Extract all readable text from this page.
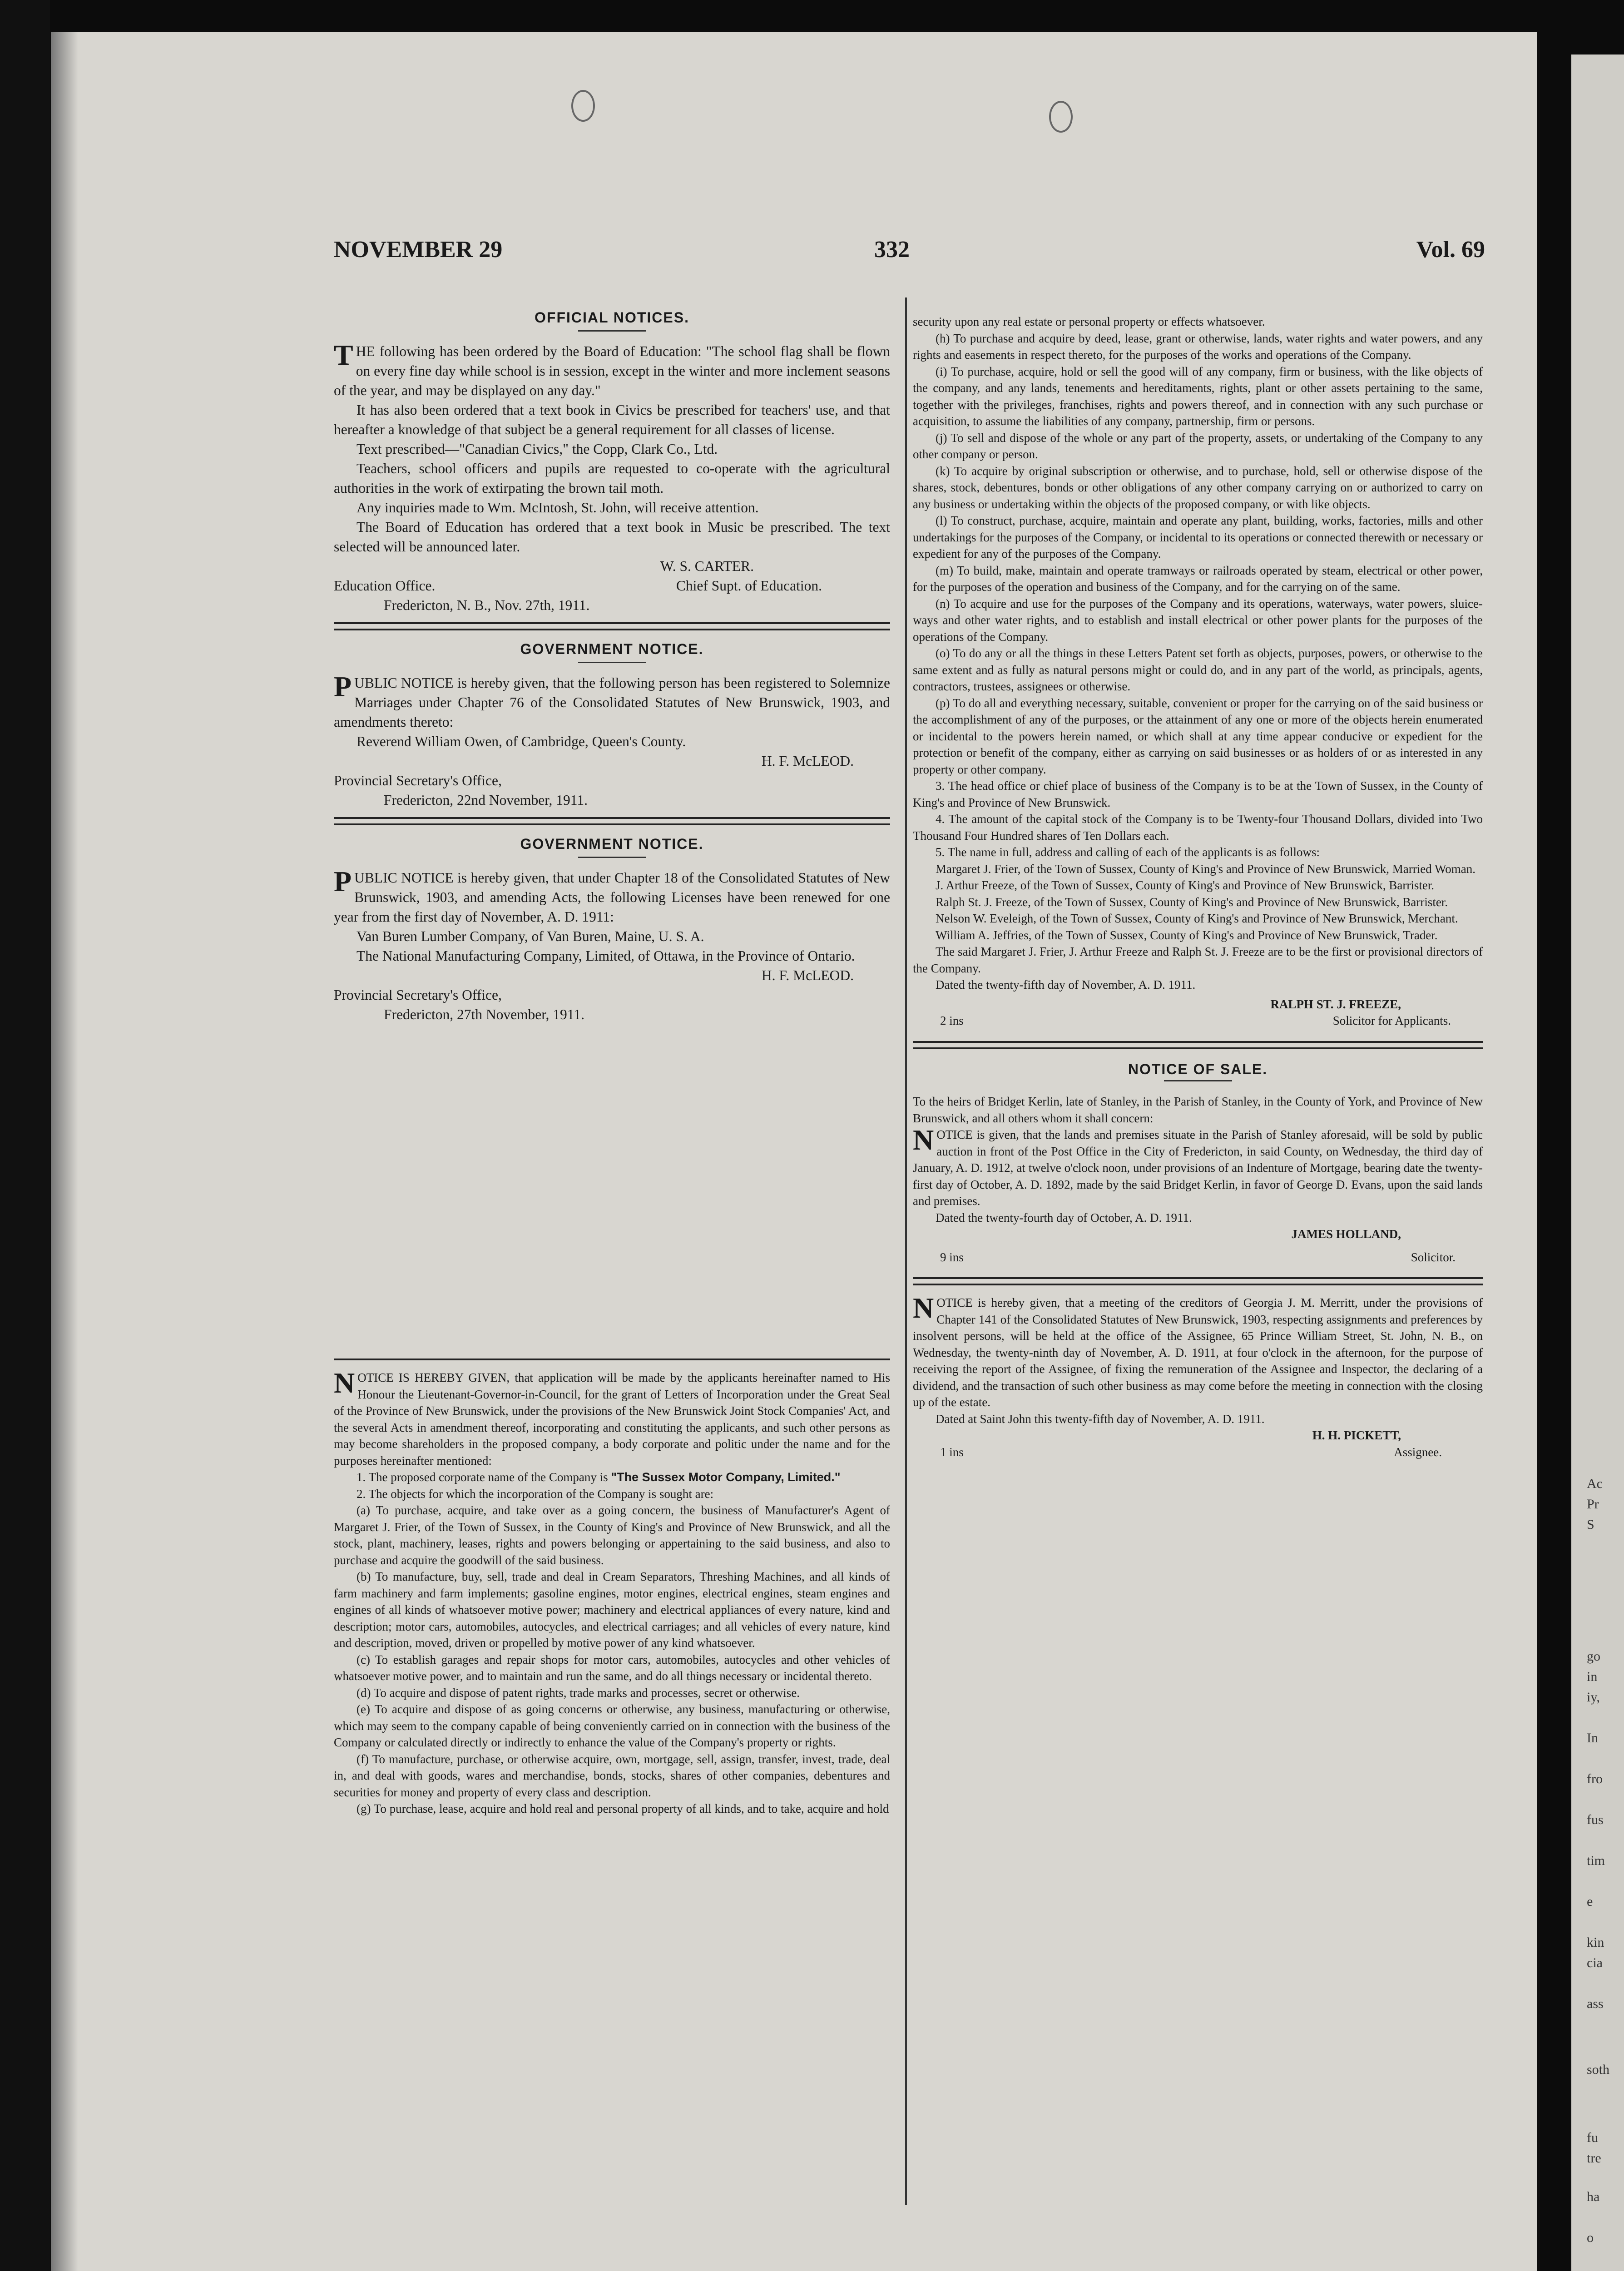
Ac
Pr
S
go
in
iy,
In
fro
fus
tim
e
kin
cia
ass
soth
fu
tre
ha
o
NOVEMBER 29	332	Vol. 69
OFFICIAL NOTICES.

THE following has been ordered by the Board of Education: "The school flag shall be flown on every fine day while school is in session, except in the winter and more inclement seasons of the year, and may be displayed on any day."

It has also been ordered that a text book in Civics be prescribed for teachers' use, and that hereafter a knowledge of that subject be a general requirement for all classes of license.

Text prescribed—"Canadian Civics," the Copp, Clark Co., Ltd.

Teachers, school officers and pupils are requested to co-operate with the agricultural authorities in the work of extirpating the brown tail moth.

Any inquiries made to Wm. McIntosh, St. John, will receive attention.

The Board of Education has ordered that a text book in Music be prescribed. The text selected will be announced later.

W. S. CARTER.
Education Office.	Chief Supt. of Education.
Fredericton, N. B., Nov. 27th, 1911.
GOVERNMENT NOTICE.

PUBLIC NOTICE is hereby given, that the following person has been registered to Solemnize Marriages under Chapter 76 of the Consolidated Statutes of New Brunswick, 1903, and amendments thereto:

Reverend William Owen, of Cambridge, Queen's County.

H. F. McLEOD.
Provincial Secretary's Office,
Fredericton, 22nd November, 1911.
GOVERNMENT NOTICE.

PUBLIC NOTICE is hereby given, that under Chapter 18 of the Consolidated Statutes of New Brunswick, 1903, and amending Acts, the following Licenses have been renewed for one year from the first day of November, A. D. 1911:

Van Buren Lumber Company, of Van Buren, Maine, U. S. A.

The National Manufacturing Company, Limited, of Ottawa, in the Province of Ontario.

H. F. McLEOD.
Provincial Secretary's Office,
Fredericton, 27th November, 1911.

NOTICE IS HEREBY GIVEN, that application will be made by the applicants hereinafter named to His Honour the Lieutenant-Governor-in-Council, for the grant of Letters of Incorporation under the Great Seal of the Province of New Brunswick, under the provisions of the New Brunswick Joint Stock Companies' Act, and the several Acts in amendment thereof, incorporating and constituting the applicants, and such other persons as may become shareholders in the proposed company, a body corporate and politic under the name and for the purposes hereinafter mentioned:

1. The proposed corporate name of the Company is "The Sussex Motor Company, Limited."

2. The objects for which the incorporation of the Company is sought are:

(a) To purchase, acquire, and take over as a going concern, the business of Manufacturer's Agent of Margaret J. Frier, of the Town of Sussex, in the County of King's and Province of New Brunswick, and all the stock, plant, machinery, leases, rights and powers belonging or appertaining to the said business, and also to purchase and acquire the goodwill of the said business.

(b) To manufacture, buy, sell, trade and deal in Cream Separators, Threshing Machines, and all kinds of farm machinery and farm implements; gasoline engines, motor engines, electrical engines, steam engines and engines of all kinds of whatsoever motive power; machinery and electrical appliances of every nature, kind and description; motor cars, automobiles, autocycles, and electrical carriages; and all vehicles of every nature, kind and description, moved, driven or propelled by motive power of any kind whatsoever.

(c) To establish garages and repair shops for motor cars, automobiles, autocycles and other vehicles of whatsoever motive power, and to maintain and run the same, and do all things necessary or incidental thereto.

(d) To acquire and dispose of patent rights, trade marks and processes, secret or otherwise.

(e) To acquire and dispose of as going concerns or otherwise, any business, manufacturing or otherwise, which may seem to the company capable of being conveniently carried on in connection with the business of the Company or calculated directly or indirectly to enhance the value of the Company's property or rights.

(f) To manufacture, purchase, or otherwise acquire, own, mortgage, sell, assign, transfer, invest, trade, deal in, and deal with goods, wares and merchandise, bonds, stocks, shares of other companies, debentures and securities for money and property of every class and description.

(g) To purchase, lease, acquire and hold real and personal property of all kinds, and to take, acquire and hold

security upon any real estate or personal property or effects whatsoever.

(h) To purchase and acquire by deed, lease, grant or otherwise, lands, water rights and water powers, and any rights and easements in respect thereto, for the purposes of the works and operations of the Company.

(i) To purchase, acquire, hold or sell the good will of any company, firm or business, with the like objects of the company, and any lands, tenements and hereditaments, rights, plant or other assets pertaining to the same, together with the privileges, franchises, rights and powers thereof, and in connection with any such purchase or acquisition, to assume the liabilities of any company, partnership, firm or persons.

(j) To sell and dispose of the whole or any part of the property, assets, or undertaking of the Company to any other company or person.

(k) To acquire by original subscription or otherwise, and to purchase, hold, sell or otherwise dispose of the shares, stock, debentures, bonds or other obligations of any other company carrying on or authorized to carry on any business or undertaking within the objects of the proposed company, or with like objects.

(l) To construct, purchase, acquire, maintain and operate any plant, building, works, factories, mills and other undertakings for the purposes of the Company, or incidental to its operations or connected therewith or necessary or expedient for any of the purposes of the Company.

(m) To build, make, maintain and operate tramways or railroads operated by steam, electrical or other power, for the purposes of the operation and business of the Company, and for the carrying on of the same.

(n) To acquire and use for the purposes of the Company and its operations, waterways, water powers, sluice-ways and other water rights, and to establish and install electrical or other power plants for the purposes of the operations of the Company.

(o) To do any or all the things in these Letters Patent set forth as objects, purposes, powers, or otherwise to the same extent and as fully as natural persons might or could do, and in any part of the world, as principals, agents, contractors, trustees, assignees or otherwise.

(p) To do all and everything necessary, suitable, convenient or proper for the carrying on of the said business or the accomplishment of any of the purposes, or the attainment of any one or more of the objects herein enumerated or incidental to the powers herein named, or which shall at any time appear conducive or expedient for the protection or benefit of the company, either as carrying on said businesses or as holders of or as interested in any property or other company.

3. The head office or chief place of business of the Company is to be at the Town of Sussex, in the County of King's and Province of New Brunswick.

4. The amount of the capital stock of the Company is to be Twenty-four Thousand Dollars, divided into Two Thousand Four Hundred shares of Ten Dollars each.

5. The name in full, address and calling of each of the applicants is as follows:

Margaret J. Frier, of the Town of Sussex, County of King's and Province of New Brunswick, Married Woman.

J. Arthur Freeze, of the Town of Sussex, County of King's and Province of New Brunswick, Barrister.

Ralph St. J. Freeze, of the Town of Sussex, County of King's and Province of New Brunswick, Barrister.

Nelson W. Eveleigh, of the Town of Sussex, County of King's and Province of New Brunswick, Merchant.

William A. Jeffries, of the Town of Sussex, County of King's and Province of New Brunswick, Trader.

The said Margaret J. Frier, J. Arthur Freeze and Ralph St. J. Freeze are to be the first or provisional directors of the Company.

Dated the twenty-fifth day of November, A. D. 1911.

RALPH ST. J. FREEZE,
2 ins	Solicitor for Applicants.
NOTICE OF SALE.

To the heirs of Bridget Kerlin, late of Stanley, in the Parish of Stanley, in the County of York, and Province of New Brunswick, and all others whom it shall concern:

NOTICE is given, that the lands and premises situate in the Parish of Stanley aforesaid, will be sold by public auction in front of the Post Office in the City of Fredericton, in said County, on Wednesday, the third day of January, A. D. 1912, at twelve o'clock noon, under provisions of an Indenture of Mortgage, bearing date the twenty-first day of October, A. D. 1892, made by the said Bridget Kerlin, in favor of George D. Evans, upon the said lands and premises.

Dated the twenty-fourth day of October, A. D. 1911.

JAMES HOLLAND,
9 ins	Solicitor.

NOTICE is hereby given, that a meeting of the creditors of Georgia J. M. Merritt, under the provisions of Chapter 141 of the Consolidated Statutes of New Brunswick, 1903, respecting assignments and preferences by insolvent persons, will be held at the office of the Assignee, 65 Prince William Street, St. John, N. B., on Wednesday, the twenty-ninth day of November, A. D. 1911, at four o'clock in the afternoon, for the purpose of receiving the report of the Assignee, of fixing the remuneration of the Assignee and Inspector, the declaring of a dividend, and the transaction of such other business as may come before the meeting in connection with the closing up of the estate.

Dated at Saint John this twenty-fifth day of November, A. D. 1911.

H. H. PICKETT,
1 ins	Assignee.
